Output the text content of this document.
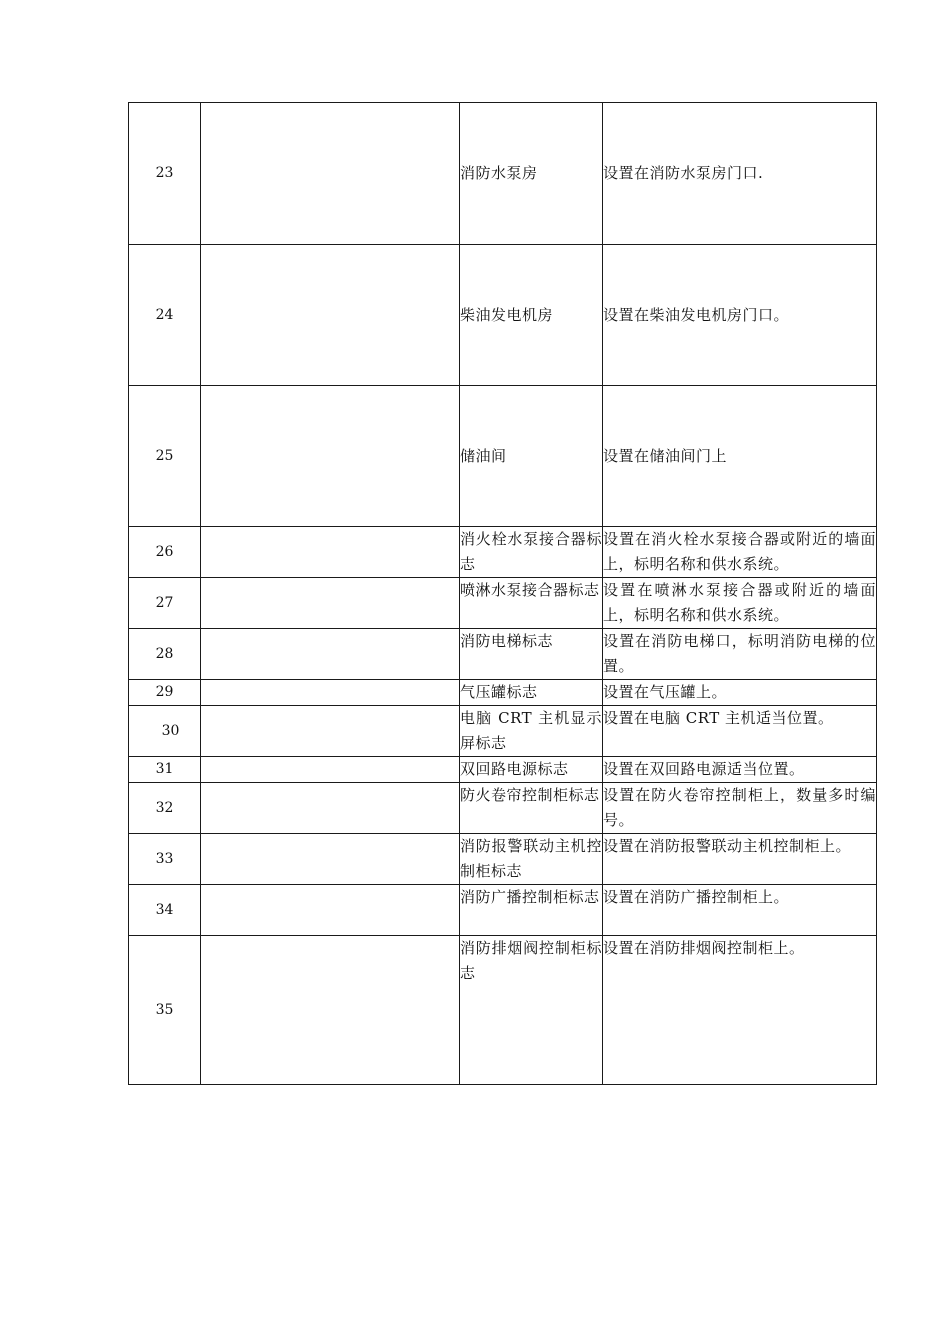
23		消防水泵房	设置在消防水泵房门口.
24		柴油发电机房	设置在柴油发电机房门口。
25		储油间	设置在储油间门上
26		消火栓水泵接合器标志	设置在消火栓水泵接合器或附近的墙面上，标明名称和供水系统。
27		喷淋水泵接合器标志	设置在喷淋水泵接合器或附近的墙面上，标明名称和供水系统。
28		消防电梯标志	设置在消防电梯口，标明消防电梯的位置。
29		气压罐标志	设置在气压罐上。
30		电脑 CRT 主机显示屏标志	设置在电脑 CRT 主机适当位置。
31		双回路电源标志	设置在双回路电源适当位置。
32		防火卷帘控制柜标志	设置在防火卷帘控制柜上，数量多时编号。
33		消防报警联动主机控制柜标志	设置在消防报警联动主机控制柜上。
34		消防广播控制柜标志	设置在消防广播控制柜上。
35		消防排烟阀控制柜标志	设置在消防排烟阀控制柜上。
